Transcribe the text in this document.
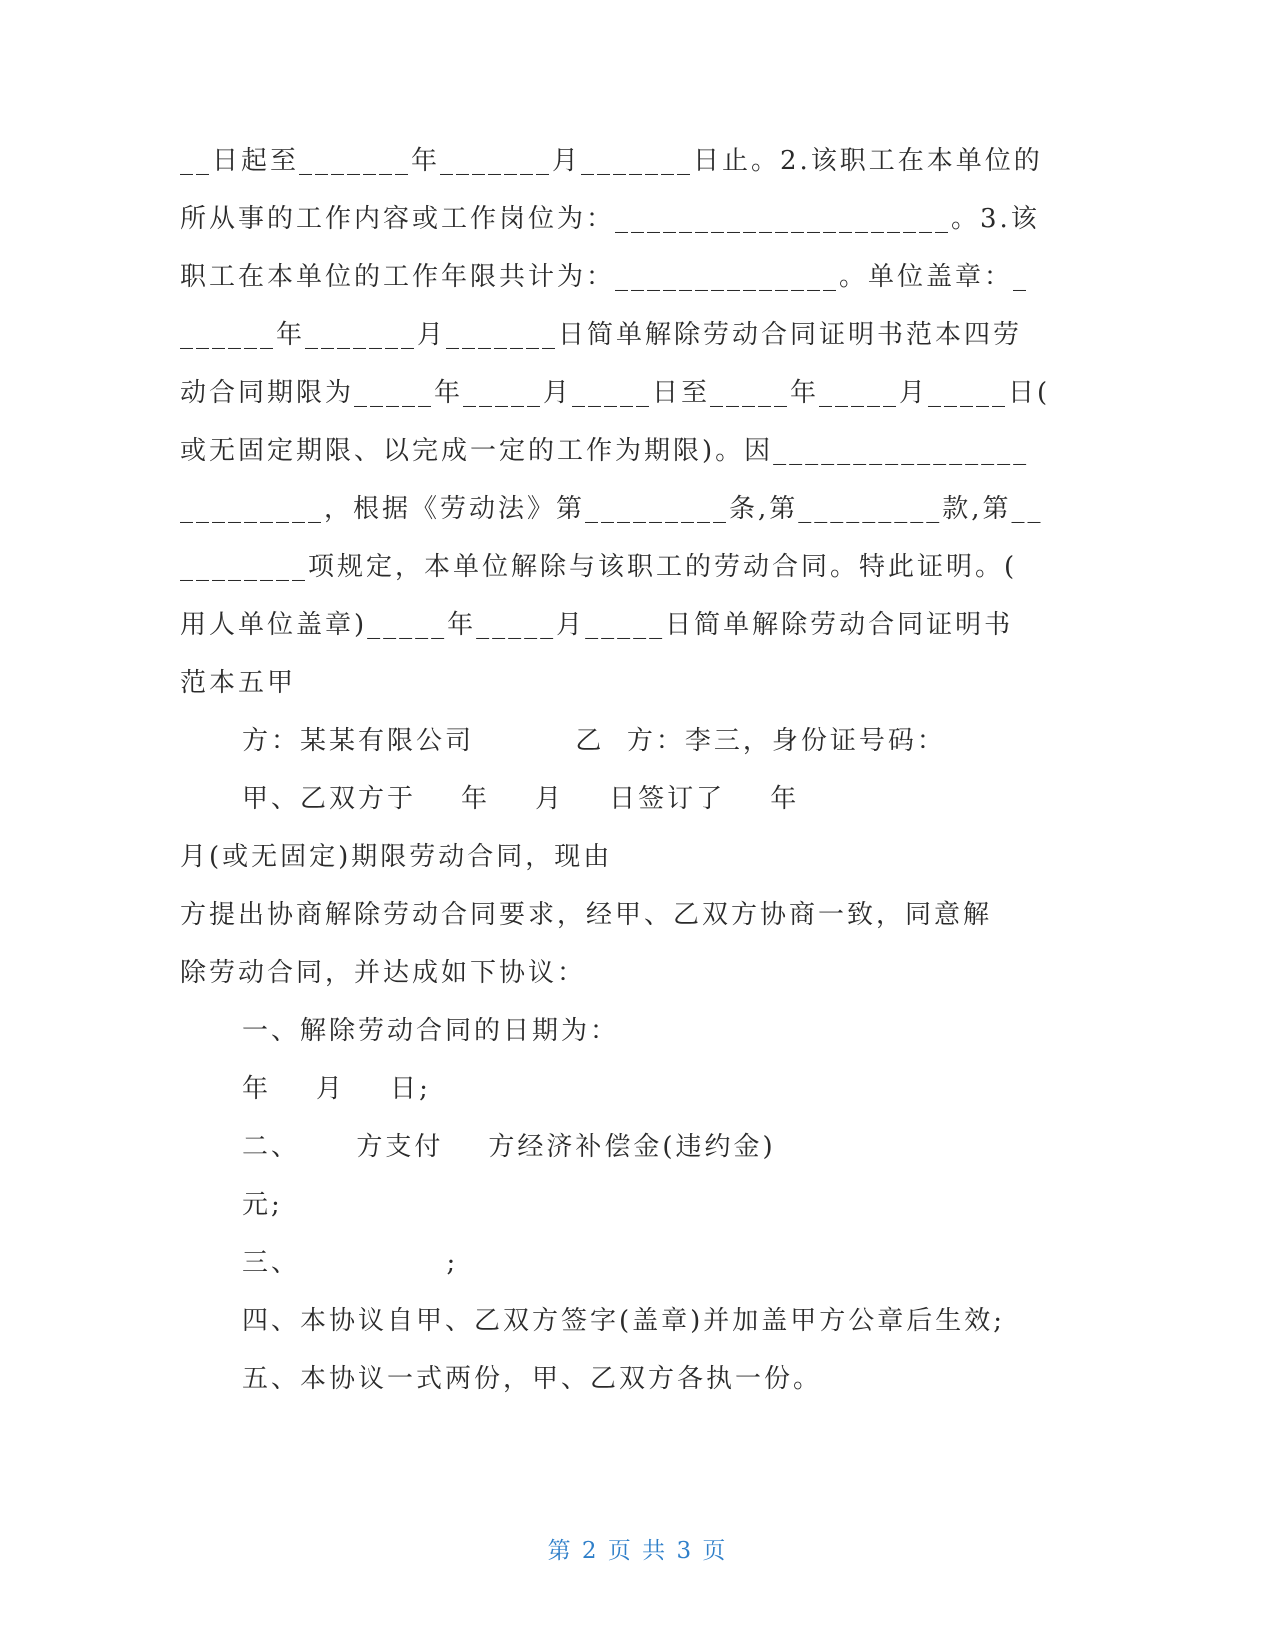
__日起至_______年_______月_______日止。2.该职工在本单位的
所从事的工作内容或工作岗位为：_____________________。3.该
职工在本单位的工作年限共计为：______________。单位盖章：_
______年_______月_______日简单解除劳动合同证明书范本四劳
动合同期限为_____年_____月_____日至_____年_____月_____日(
或无固定期限、以完成一定的工作为期限)。因________________
_________，根据《劳动法》第_________条,第_________款,第__
________项规定，本单位解除与该职工的劳动合同。特此证明。(
用人单位盖章)_____年_____月_____日简单解除劳动合同证明书
范本五甲
方：某某有限公司         乙  方：李三，身份证号码：
甲、乙双方于    年    月    日签订了    年
月(或无固定)期限劳动合同，现由
方提出协商解除劳动合同要求，经甲、乙双方协商一致，同意解
除劳动合同，并达成如下协议：
一、解除劳动合同的日期为：
年    月    日;
二、     方支付    方经济补偿金(违约金)
元;
三、             ;
四、本协议自甲、乙双方签字(盖章)并加盖甲方公章后生效;
五、本协议一式两份，甲、乙双方各执一份。
第 2 页 共 3 页
